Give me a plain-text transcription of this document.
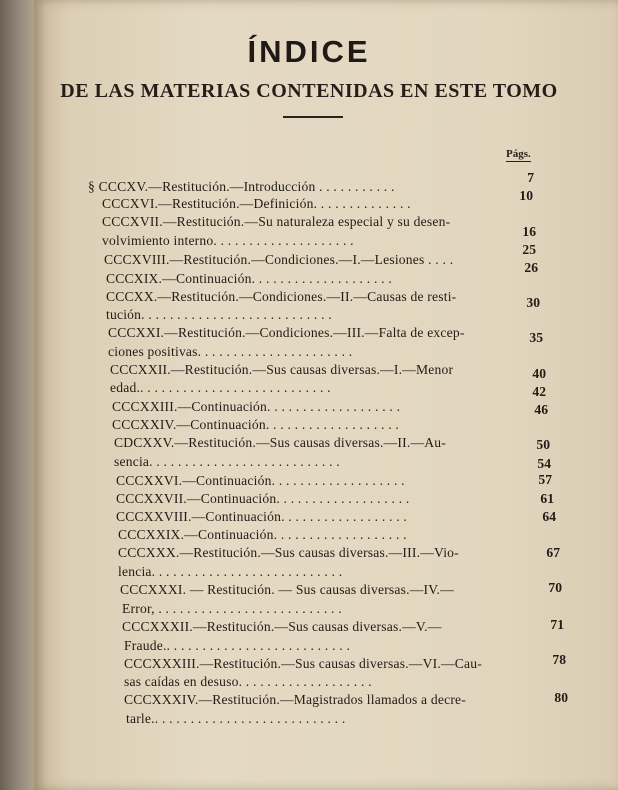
ÍNDICE
DE LAS MATERIAS CONTENIDAS EN ESTE TOMO
Págs.
§ CCCXV.—Restitución.—Introducción . . . . . . . . . . .
CCCXVI.—Restitución.—Definición. . . . . . . . . . . . . .
CCCXVII.—Restitución.—Su naturaleza especial y su desen-
volvimiento interno. . . . . . . . . . . . . . . . . . . .
CCCXVIII.—Restitución.—Condiciones.—I.—Lesiones . . . .
CCCXIX.—Continuación. . . . . . . . . . . . . . . . . . . .
CCCXX.—Restitución.—Condiciones.—II.—Causas de resti-
tución. . . . . . . . . . . . . . . . . . . . . . . . . . .
CCCXXI.—Restitución.—Condiciones.—III.—Falta de excep-
ciones positivas. . . . . . . . . . . . . . . . . . . . . .
CCCXXII.—Restitución.—Sus causas diversas.—I.—Menor
edad.. . . . . . . . . . . . . . . . . . . . . . . . . . .
CCCXXIII.—Continuación. . . . . . . . . . . . . . . . . . .
CCCXXIV.—Continuación. . . . . . . . . . . . . . . . . . .
CDCXXV.—Restitución.—Sus causas diversas.—II.—Au-
sencia. . . . . . . . . . . . . . . . . . . . . . . . . . .
CCCXXVI.—Continuación. . . . . . . . . . . . . . . . . . .
CCCXXVII.—Continuación. . . . . . . . . . . . . . . . . . .
CCCXXVIII.—Continuación. . . . . . . . . . . . . . . . . .
CCCXXIX.—Continuación. . . . . . . . . . . . . . . . . . .
CCCXXX.—Restitución.—Sus causas diversas.—III.—Vio-
lencia. . . . . . . . . . . . . . . . . . . . . . . . . . .
CCCXXXI. — Restitución. — Sus causas diversas.—IV.—
Error, . . . . . . . . . . . . . . . . . . . . . . . . . .
CCCXXXII.—Restitución.—Sus causas diversas.—V.—
Fraude.. . . . . . . . . . . . . . . . . . . . . . . . . .
CCCXXXIII.—Restitución.—Sus causas diversas.—VI.—Cau-
sas caídas en desuso. . . . . . . . . . . . . . . . . . .
CCCXXXIV.—Restitución.—Magistrados llamados a decre-
tarle.. . . . . . . . . . . . . . . . . . . . . . . . . . .
7
10
16
25
26
30
35
40
42
46
50
54
57
61
64
67
70
71
78
80
